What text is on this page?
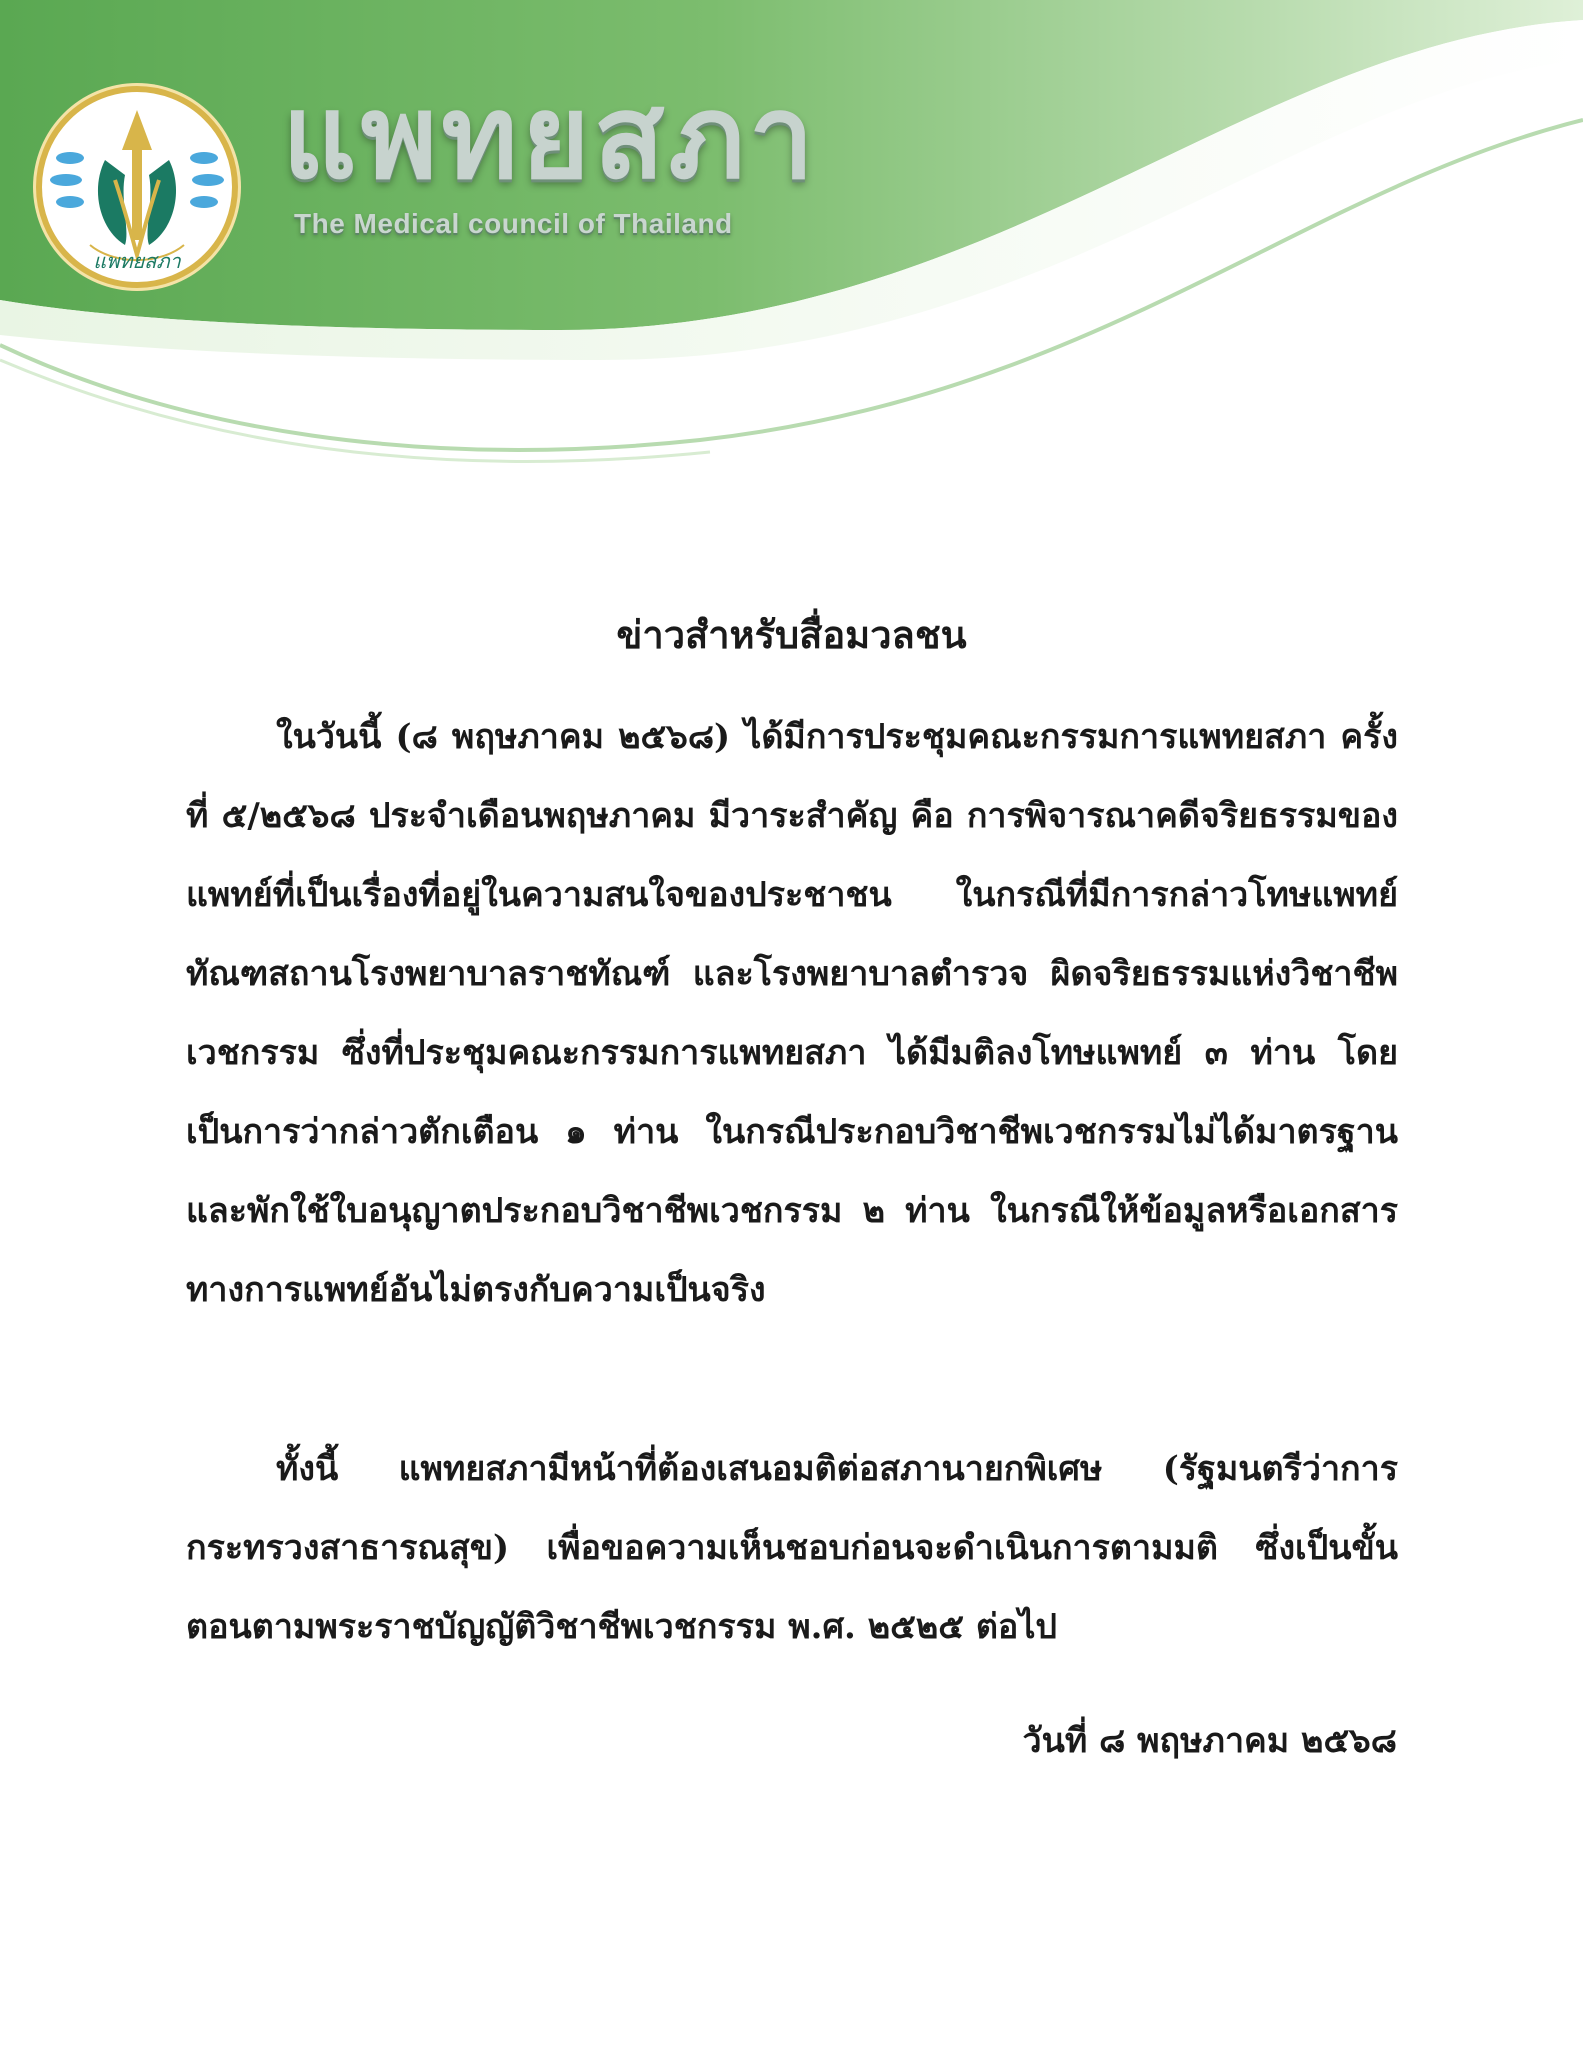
แพทยสภา
แพทยสภา
The Medical council of Thailand
ข่าวสำหรับสื่อมวลชน
ในวันนี้ (๘ พฤษภาคม ๒๕๖๘) ได้มีการประชุมคณะกรรมการแพทยสภา ครั้งที่ ๕/๒๕๖๘ ประจำเดือนพฤษภาคม มีวาระสำคัญ คือ การพิจารณาคดีจริยธรรมของแพทย์ที่เป็นเรื่องที่อยู่ในความสนใจของประชาชน ในกรณีที่มีการกล่าวโทษแพทย์ทัณฑสถานโรงพยาบาลราชทัณฑ์ และโรงพยาบาลตำรวจ ผิดจริยธรรมแห่งวิชาชีพเวชกรรม ซึ่งที่ประชุมคณะกรรมการแพทยสภา ได้มีมติลงโทษแพทย์ ๓ ท่าน โดยเป็นการว่ากล่าวตักเตือน ๑ ท่าน ในกรณีประกอบวิชาชีพเวชกรรมไม่ได้มาตรฐาน และพักใช้ใบอนุญาตประกอบวิชาชีพเวชกรรม ๒ ท่าน ในกรณีให้ข้อมูลหรือเอกสารทางการแพทย์อันไม่ตรงกับความเป็นจริง
ทั้งนี้ แพทยสภามีหน้าที่ต้องเสนอมติต่อสภานายกพิเศษ (รัฐมนตรีว่าการกระทรวงสาธารณสุข) เพื่อขอความเห็นชอบก่อนจะดำเนินการตามมติ ซึ่งเป็นขั้นตอนตามพระราชบัญญัติวิชาชีพเวชกรรม พ.ศ. ๒๕๒๕ ต่อไป
วันที่ ๘ พฤษภาคม ๒๕๖๘
